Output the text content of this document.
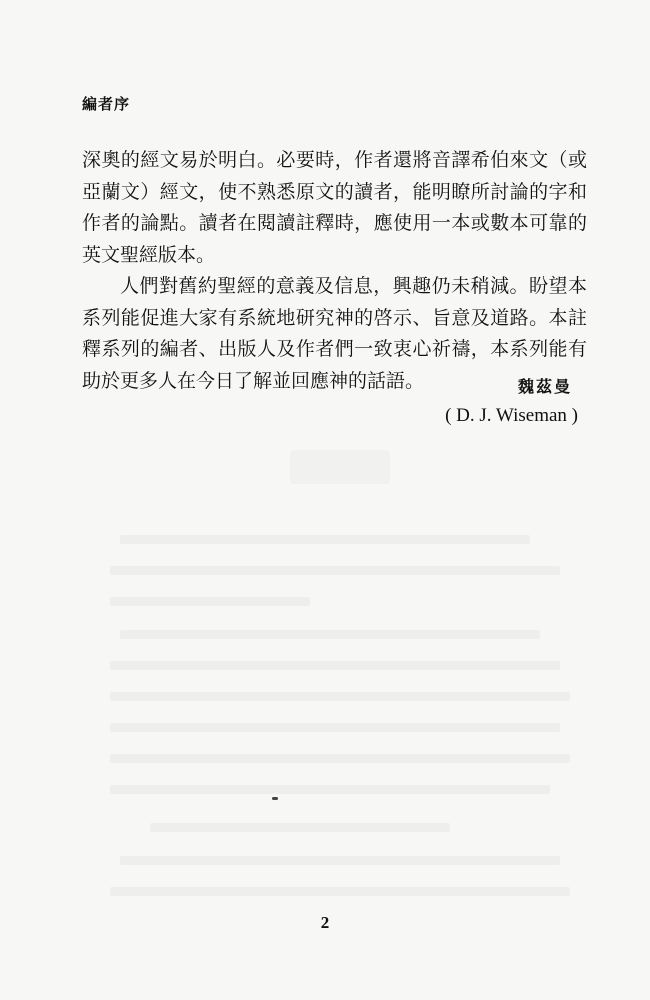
編者序

深奧的經文易於明白。必要時，作者還將音譯希伯來文（或亞蘭文）經文，使不熟悉原文的讀者，能明瞭所討論的字和作者的論點。讀者在閱讀註釋時，應使用一本或數本可靠的英文聖經版本。

人們對舊約聖經的意義及信息，興趣仍未稍減。盼望本系列能促進大家有系統地研究神的啓示、旨意及道路。本註釋系列的編者、出版人及作者們一致衷心祈禱，本系列能有助於更多人在今日了解並回應神的話語。	魏茲曼
( D. J. Wiseman )
2
